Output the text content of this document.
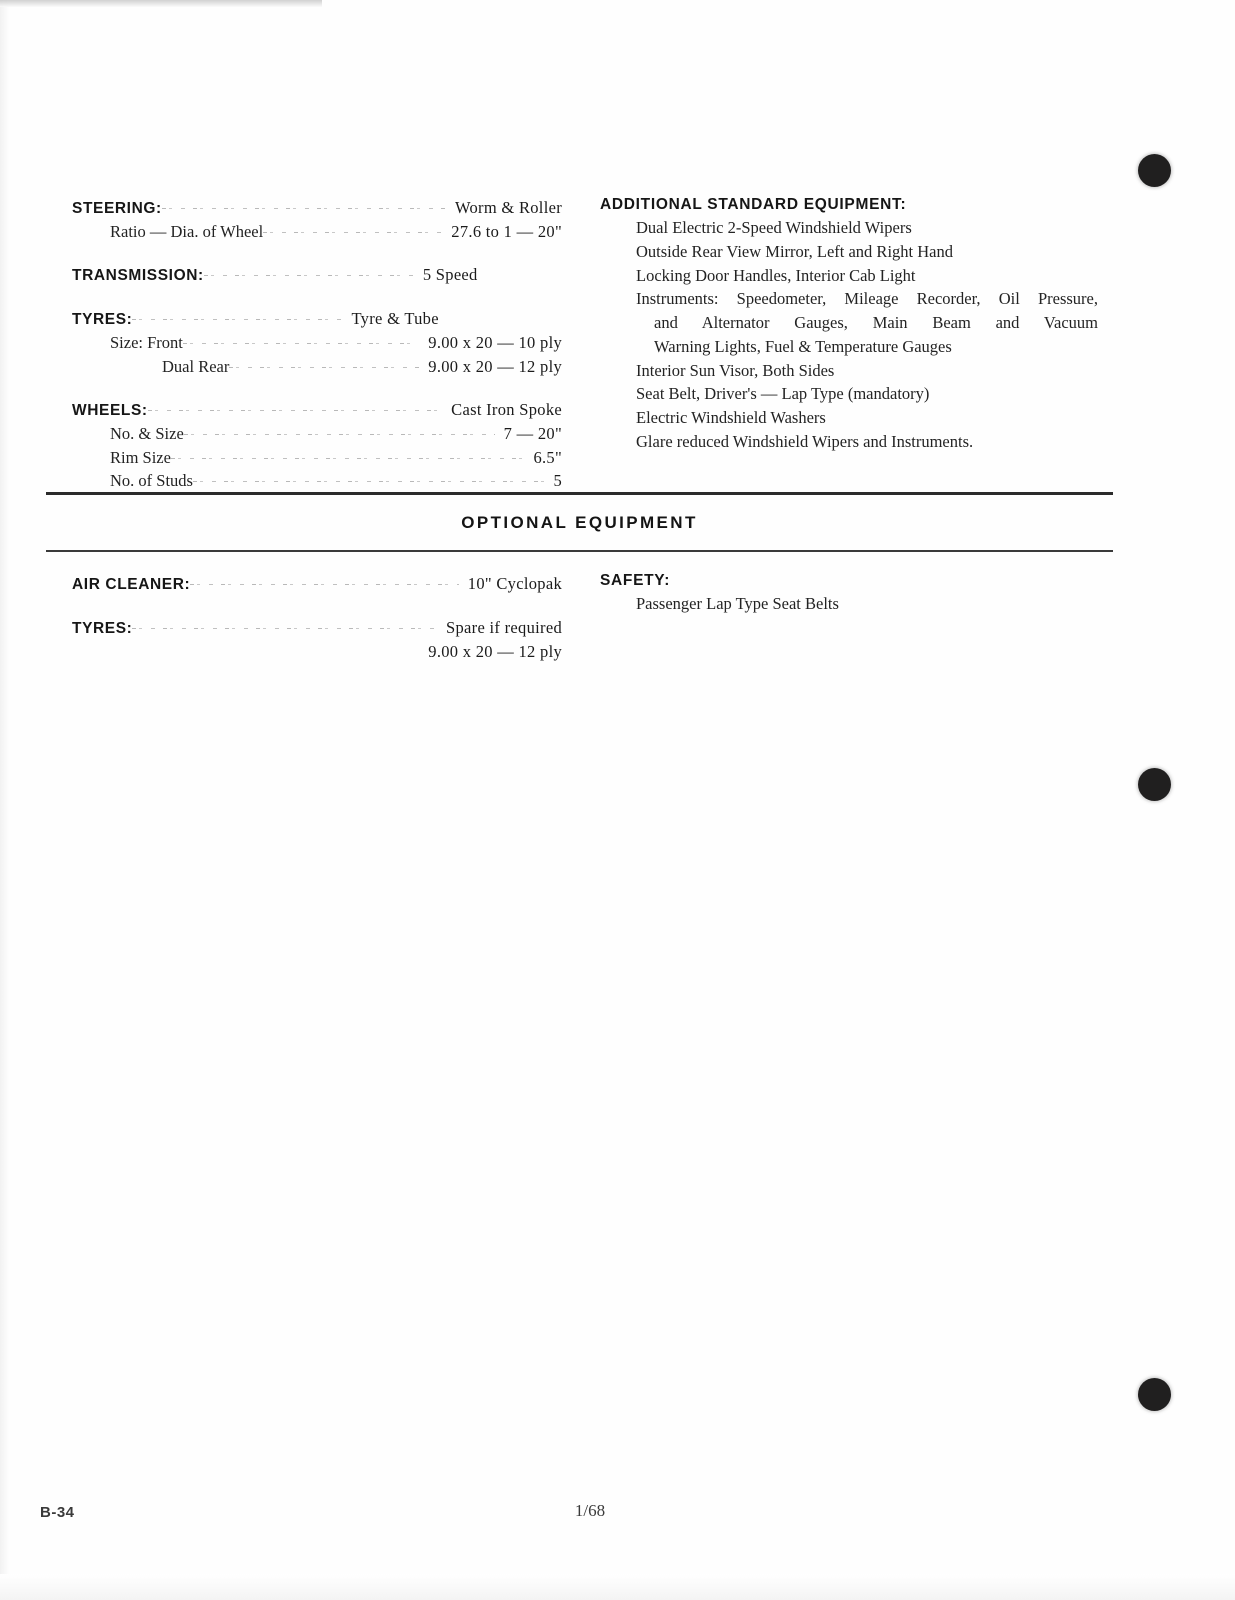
STEERING:	Worm & Roller
Ratio — Dia. of Wheel	27.6 to 1 — 20"
TRANSMISSION:	5 Speed
TYRES:	Tyre & Tube
Size: Front	9.00 x 20 — 10 ply
Dual Rear	9.00 x 20 — 12 ply
WHEELS:	Cast Iron Spoke
No. & Size	7 — 20"
Rim Size	6.5"
No. of Studs	5
ADDITIONAL STANDARD EQUIPMENT:
Dual Electric 2-Speed Windshield Wipers
Outside Rear View Mirror, Left and Right Hand
Locking Door Handles, Interior Cab Light
Instruments: Speedometer, Mileage Recorder, Oil Pressure,
and Alternator Gauges, Main Beam and Vacuum
Warning Lights, Fuel & Temperature Gauges
Interior Sun Visor, Both Sides
Seat Belt, Driver's — Lap Type (mandatory)
Electric Windshield Washers
Glare reduced Windshield Wipers and Instruments.
OPTIONAL EQUIPMENT
AIR CLEANER:	10" Cyclopak
TYRES:	Spare if required
9.00 x 20 — 12 ply
SAFETY:
Passenger Lap Type Seat Belts
B-34	1/68
